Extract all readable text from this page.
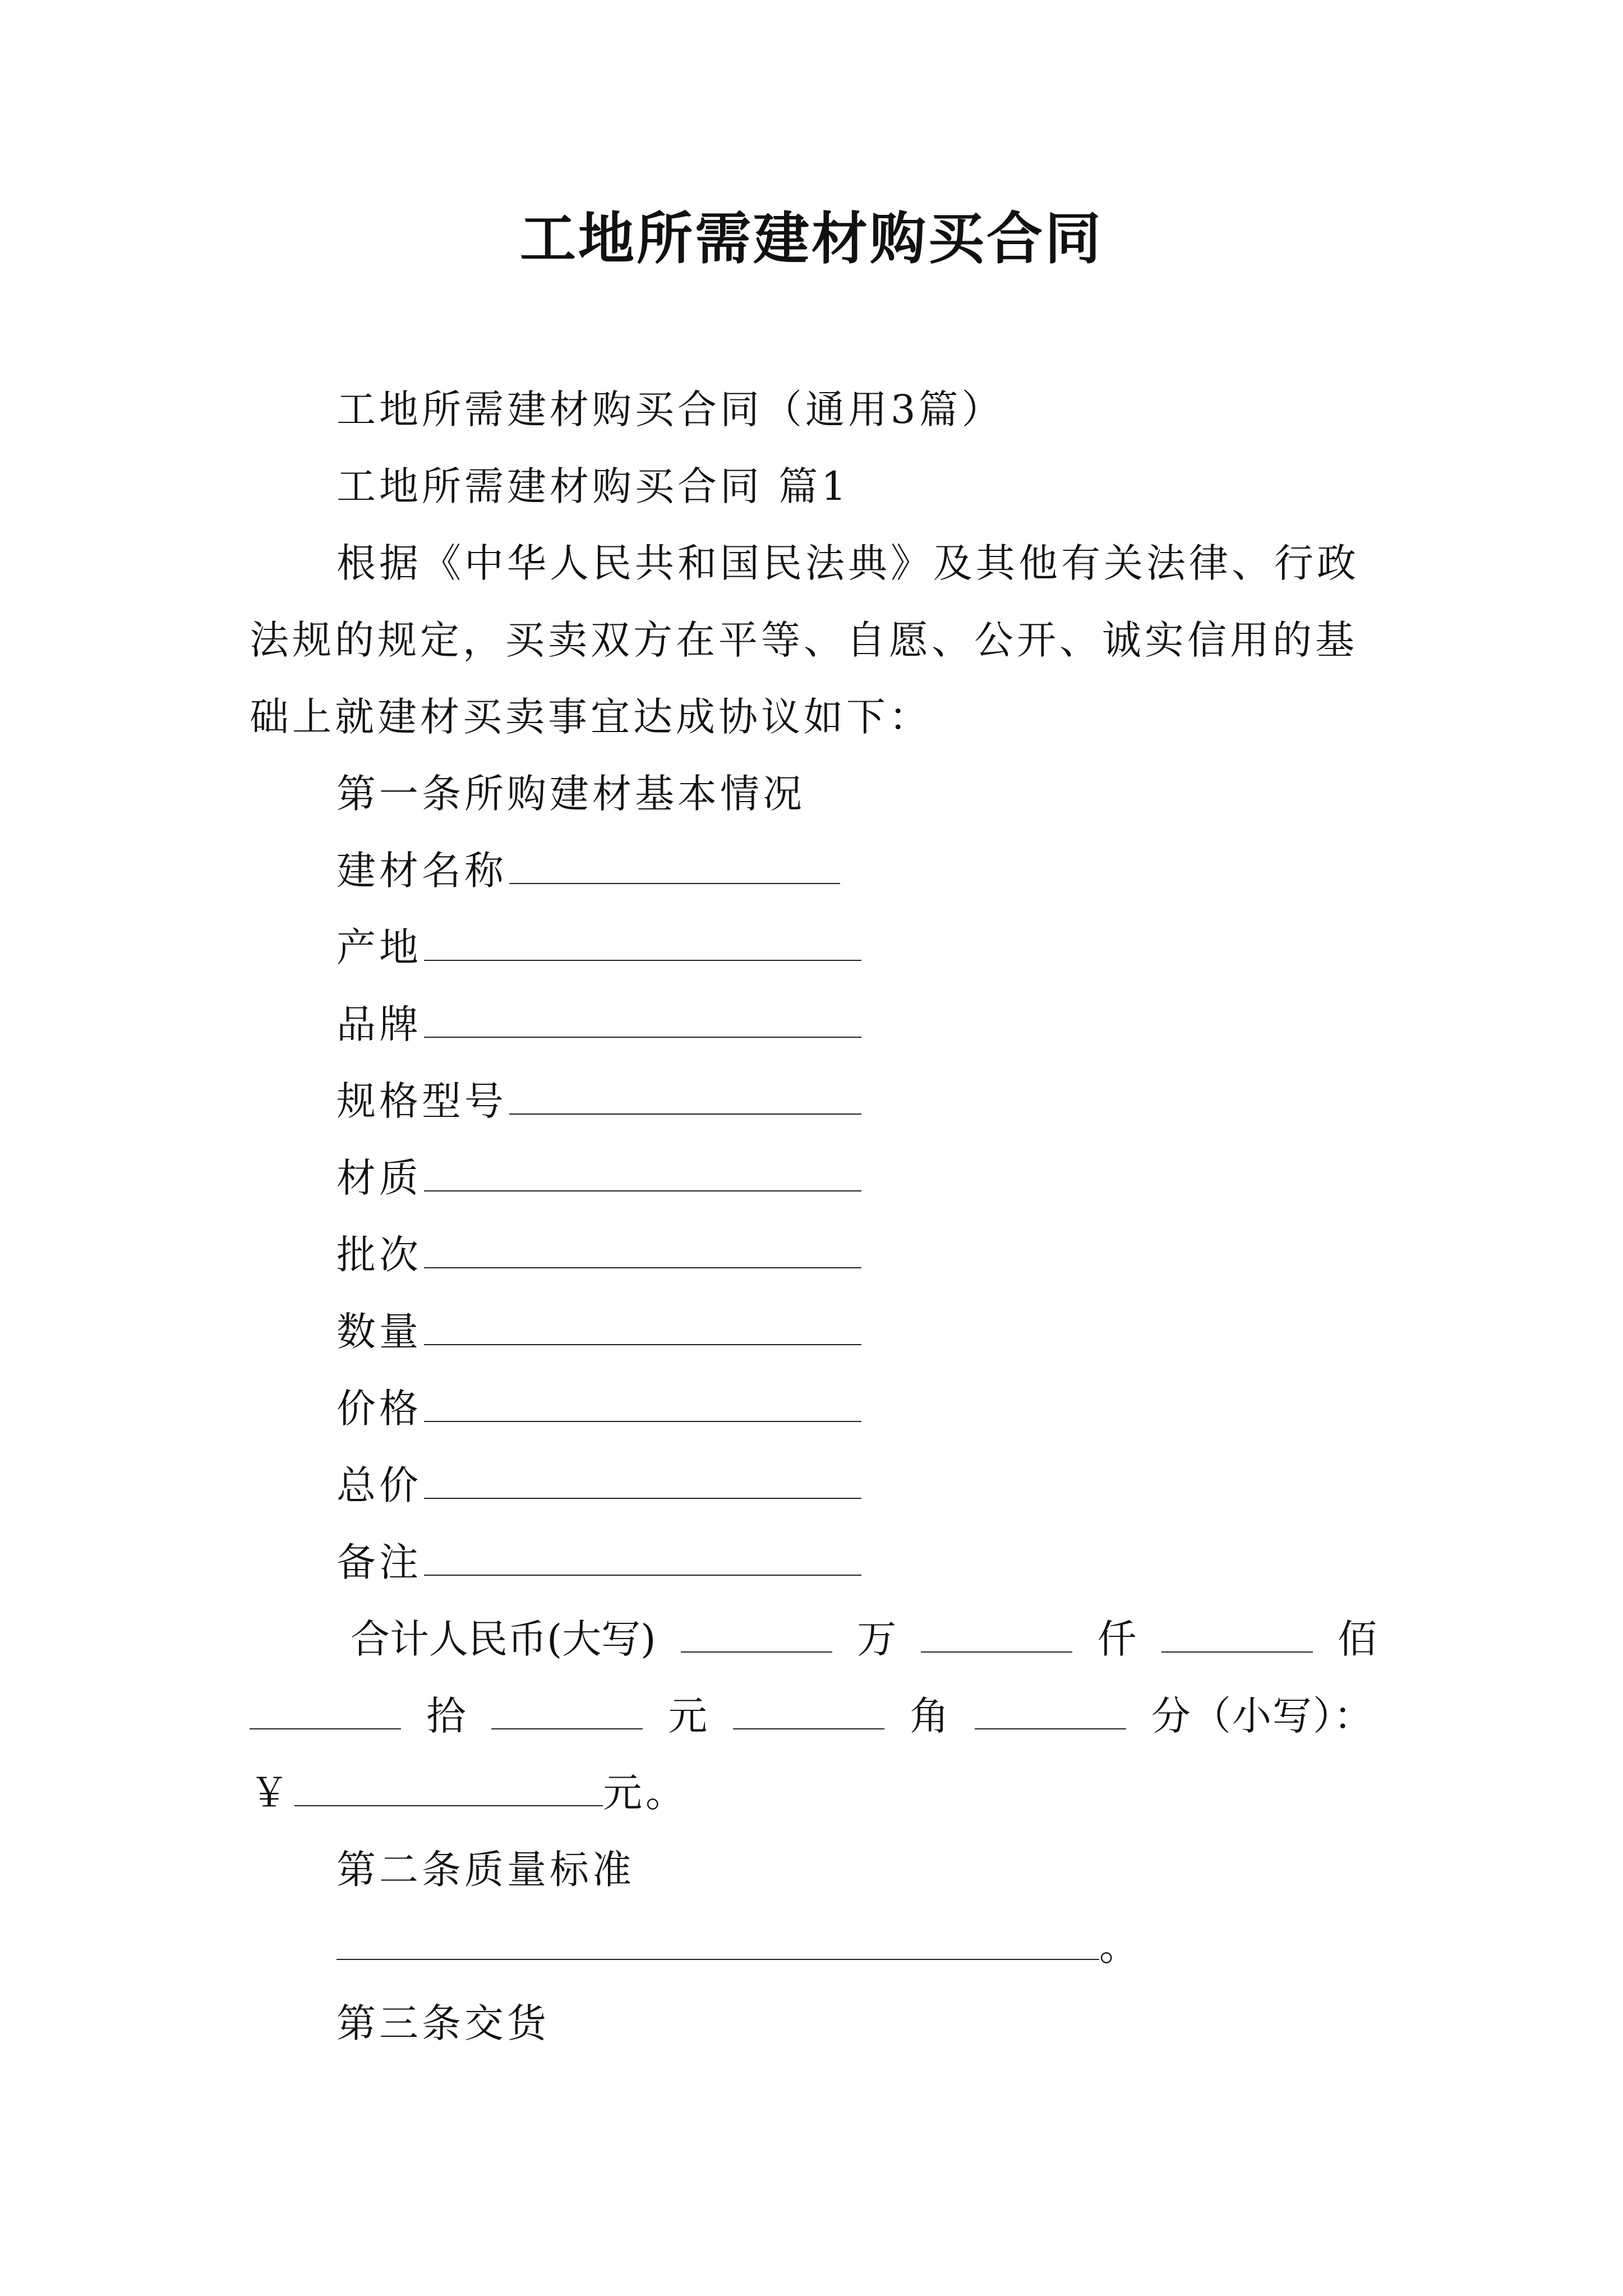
工地所需建材购买合同
工地所需建材购买合同（通用3篇）
工地所需建材购买合同 篇1
根据《中华人民共和国民法典》及其他有关法律、行政
法规的规定，买卖双方在平等、自愿、公开、诚实信用的基
础上就建材买卖事宜达成协议如下：
第一条所购建材基本情况
建材名称
产地
品牌
规格型号
材质
批次
数量
价格
总价
备注
合计人民币(大写)	万	仟	佰
拾	元	角	分（小写）：
￥	元。
第二条质量标准
。
第三条交货
